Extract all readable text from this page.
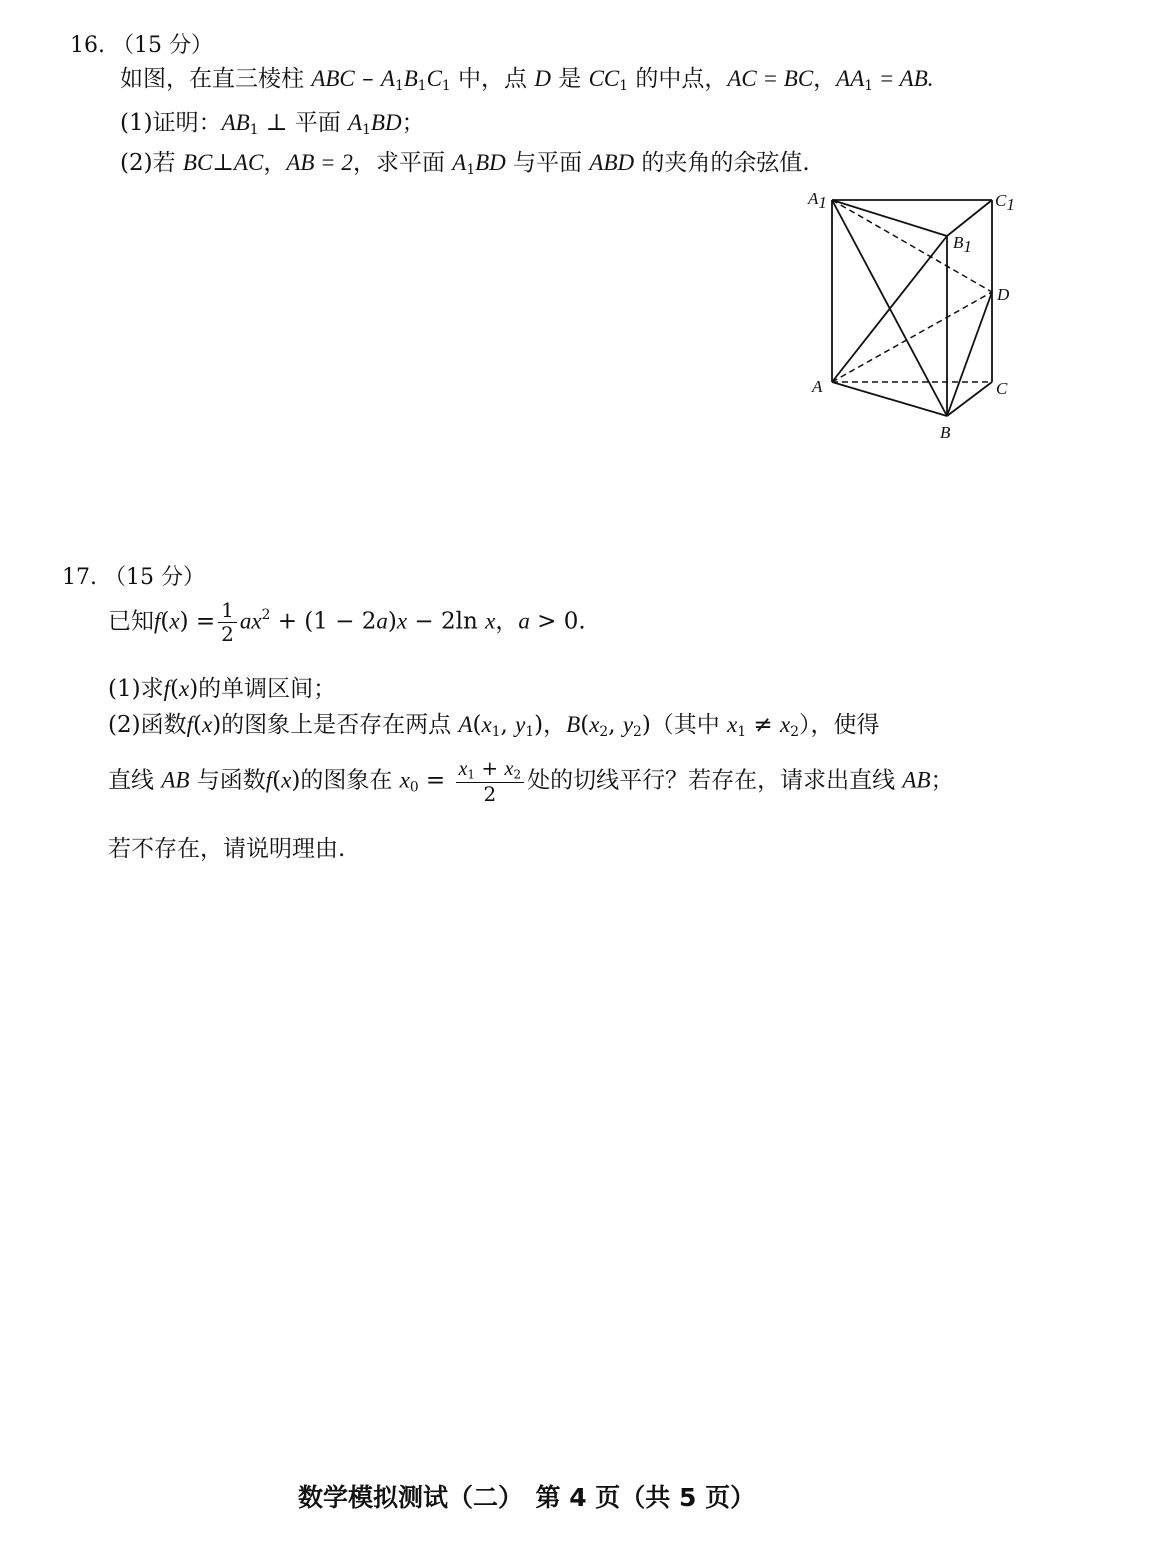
16. （15 分）
如图，在直三棱柱 ABC – $A_1B_1C_1$ 中，点 D 是 $CC_1$ 的中点，AC = BC，$AA_1$ = AB.
(1)证明：$AB_1$ ⊥ 平面 $A_1BD$；
(2)若 BC⊥AC，AB = 2，求平面 $A_1BD$ 与平面 ABD 的夹角的余弦值.
A1	C1
B1
D
A	C
B
17. （15 分）
已知$f(x) = \frac{1}{2} ax^2 + (1 - 2a)x - 2\ln$ x，a > 0.
(1)求f(x)的单调区间；
(2)函数f(x)的图象上是否存在两点 $A(x_1$, $y_1$)，$B(x_2$, $y_2$)（其中 $x_1 \ne x_2$），使得
直线 AB 与函数f(x)的图象在 $x_0 = \frac{x_1 + x_2}{2}$ 处的切线平行？若存在，请求出直线 AB；
若不存在，请说明理由.
数学模拟测试（二）　第 4 页（共 5 页）
